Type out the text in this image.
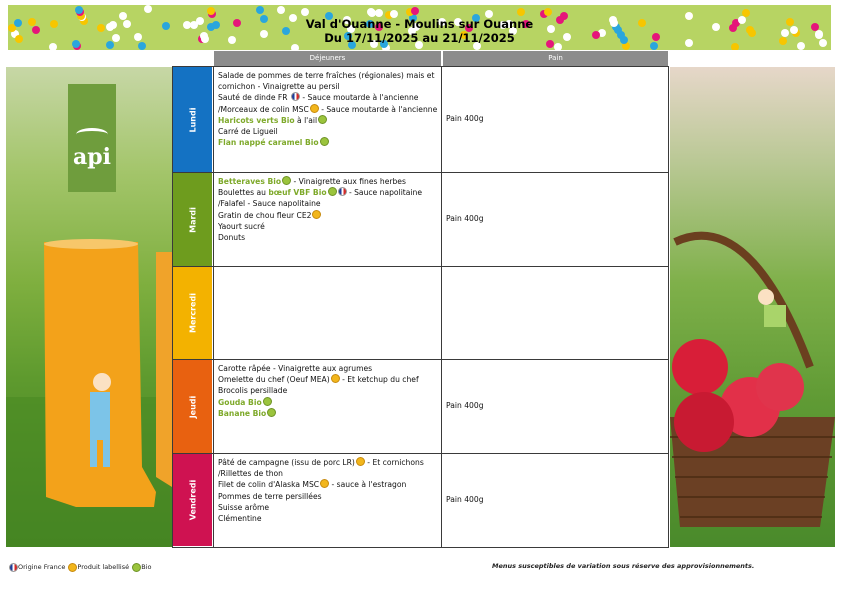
Val d'Ouanne - Moulins sur Ouanne
Du 17/11/2025 au 21/11/2025
api
Déjeuners	Pain
Lundi
Salade de pommes de terre fraîches (régionales) mais et cornichon - Vinaigrette au persil
Sauté de dinde FR  - Sauce moutarde à l'ancienne
/Morceaux de colin MSC - Sauce moutarde à l'ancienne
Haricots verts Bio à l'ail
Carré de Ligueil
Flan nappé caramel Bio
Pain 400g
Mardi
Betteraves Bio - Vinaigrette aux fines herbes
Boulettes au bœuf VBF Bio	- Sauce napolitaine
/Falafel - Sauce napolitaine
Gratin de chou fleur CE2
Yaourt sucré
Donuts
Pain 400g
Mercredi
Jeudi
Carotte râpée - Vinaigrette aux agrumes
Omelette du chef (Oeuf MEA) - Et ketchup du chef
Brocolis persillade
Gouda Bio
Banane Bio
Pain 400g
Vendredi
Pâté de campagne (issu de porc LR) - Et cornichons
/Rillettes de thon
Filet de colin d'Alaska MSC - sauce à l'estragon
Pommes de terre persillées
Suisse arôme
Clémentine
Pain 400g
Origine France Produit labellisé Bio	Menus susceptibles de variation sous réserve des approvisionnements.
